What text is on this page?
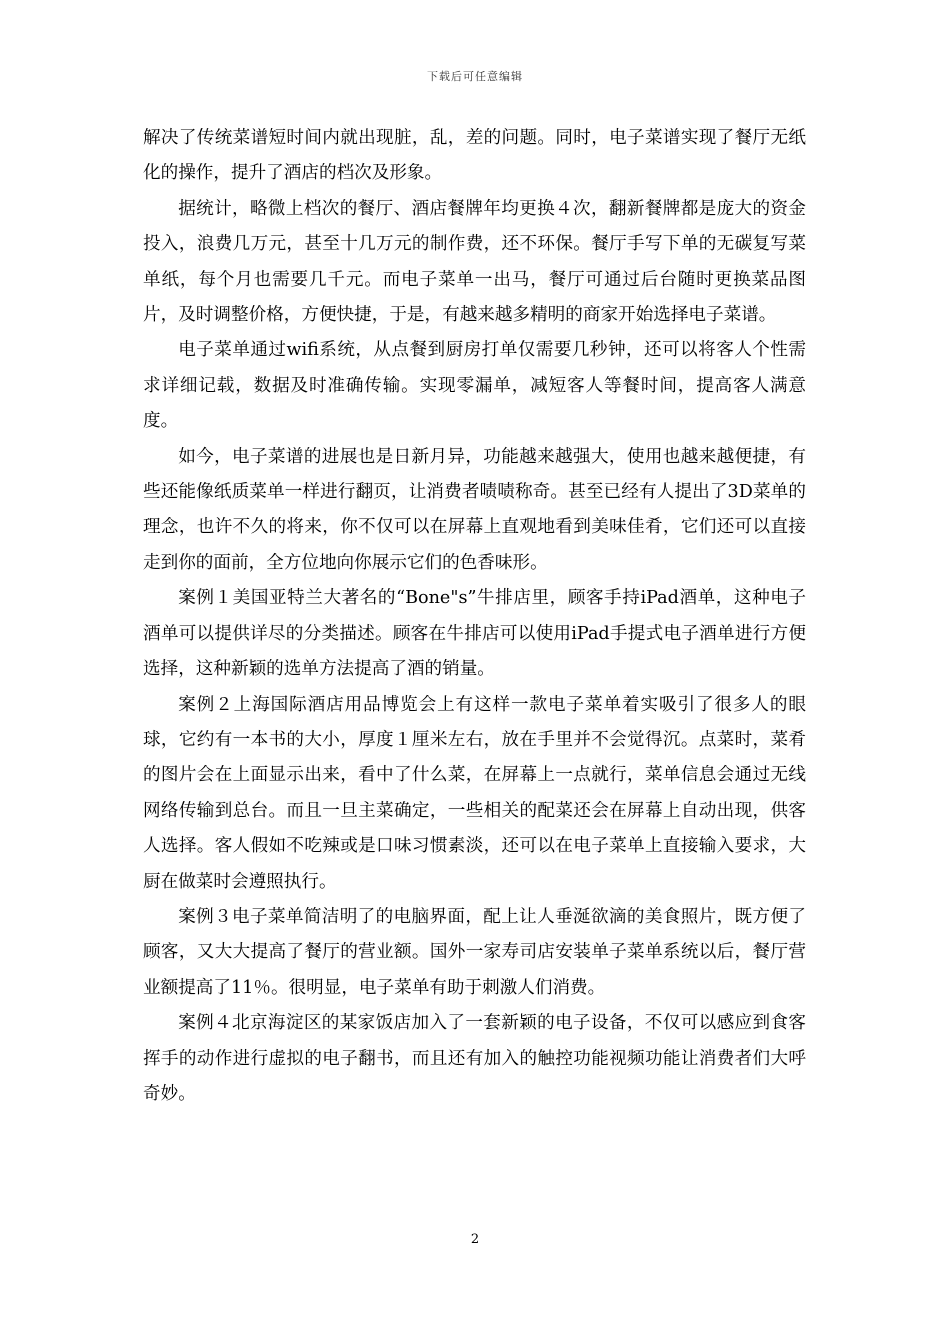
下载后可任意编辑

解决了传统菜谱短时间内就出现脏，乱，差的问题。同时，电子菜谱实现了餐厅无纸化的操作，提升了酒店的档次及形象。

据统计，略微上档次的餐厅、酒店餐牌年均更换４次，翻新餐牌都是庞大的资金投入，浪费几万元，甚至十几万元的制作费，还不环保。餐厅手写下单的无碳复写菜单纸，每个月也需要几千元。而电子菜单一出马，餐厅可通过后台随时更换菜品图片，及时调整价格，方便快捷，于是，有越来越多精明的商家开始选择电子菜谱。

电子菜单通过wifi系统，从点餐到厨房打单仅需要几秒钟，还可以将客人个性需求详细记载，数据及时准确传输。实现零漏单，减短客人等餐时间，提高客人满意度。

如今，电子菜谱的进展也是日新月异，功能越来越强大，使用也越来越便捷，有些还能像纸质菜单一样进行翻页，让消费者啧啧称奇。甚至已经有人提出了3D菜单的理念，也许不久的将来，你不仅可以在屏幕上直观地看到美味佳肴，它们还可以直接走到你的面前，全方位地向你展示它们的色香味形。

案例１美国亚特兰大著名的“Bone"s”牛排店里，顾客手持iPad酒单，这种电子酒单可以提供详尽的分类描述。顾客在牛排店可以使用iPad手提式电子酒单进行方便选择，这种新颖的选单方法提高了酒的销量。

案例２上海国际酒店用品博览会上有这样一款电子菜单着实吸引了很多人的眼球，它约有一本书的大小，厚度１厘米左右，放在手里并不会觉得沉。点菜时，菜肴的图片会在上面显示出来，看中了什么菜，在屏幕上一点就行，菜单信息会通过无线网络传输到总台。而且一旦主菜确定，一些相关的配菜还会在屏幕上自动出现，供客人选择。客人假如不吃辣或是口味习惯素淡，还可以在电子菜单上直接输入要求，大厨在做菜时会遵照执行。

案例３电子菜单简洁明了的电脑界面，配上让人垂涎欲滴的美食照片，既方便了顾客，又大大提高了餐厅的营业额。国外一家寿司店安装单子菜单系统以后，餐厅营业额提高了11％。很明显，电子菜单有助于刺激人们消费。

案例４北京海淀区的某家饭店加入了一套新颖的电子设备，不仅可以感应到食客挥手的动作进行虚拟的电子翻书，而且还有加入的触控功能视频功能让消费者们大呼奇妙。

2
